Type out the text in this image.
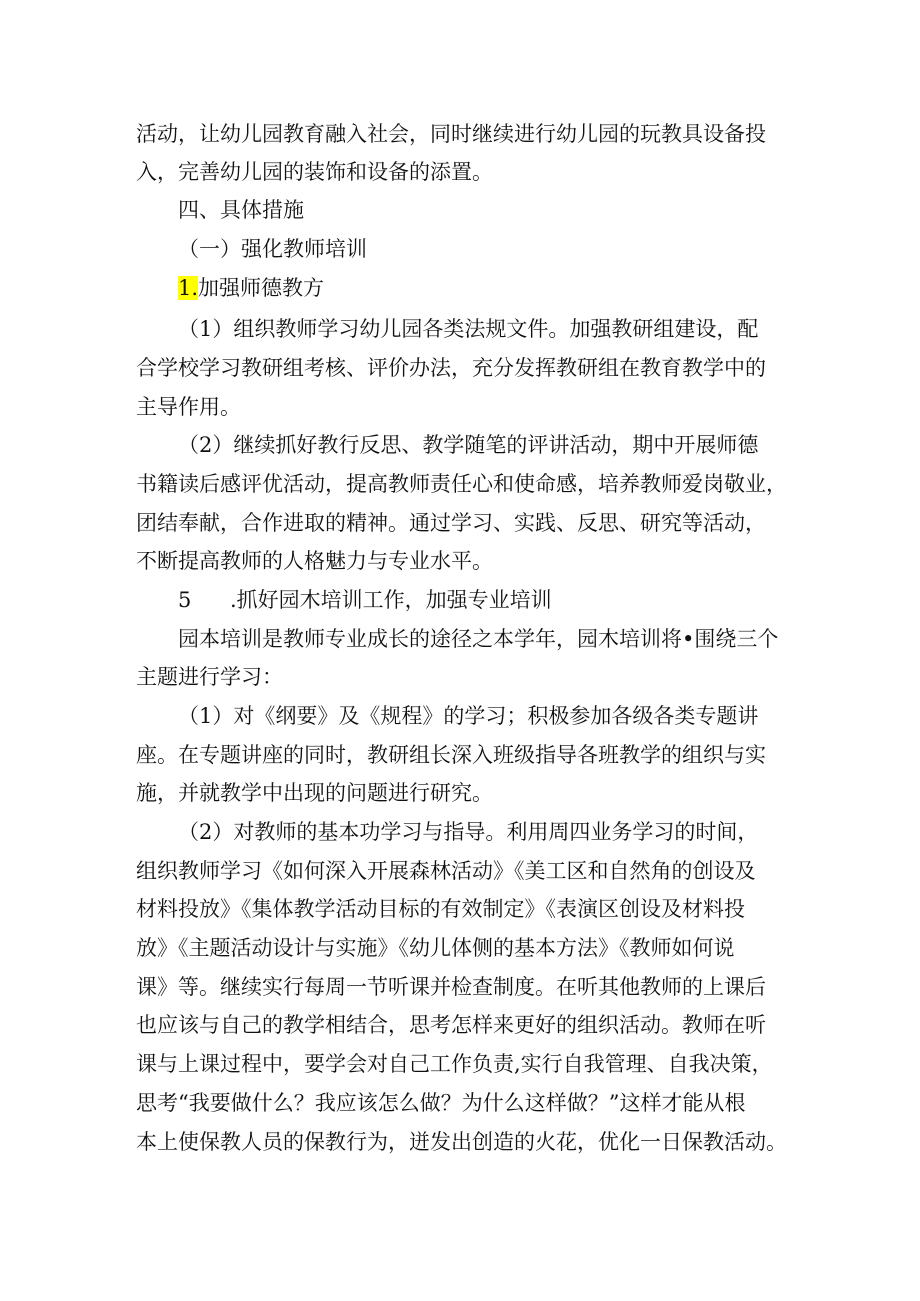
活动，让幼儿园教育融入社会，同时继续进行幼儿园的玩教具设备投
入，完善幼儿园的装饰和设备的添置。
四、具体措施
（一）强化教师培训
1.加强师德教方
（1）组织教师学习幼儿园各类法规文件。加强教研组建设，配
合学校学习教研组考核、评价办法，充分发挥教研组在教育教学中的
主导作用。
（2）继续抓好教行反思、教学随笔的评讲活动，期中开展师德
书籍读后感评优活动，提高教师责任心和使命感，培养教师爱岗敬业，
团结奉献，合作进取的精神。通过学习、实践、反思、研究等活动，
不断提高教师的人格魅力与专业水平。
5 .抓好园木培训工作，加强专业培训
园本培训是教师专业成长的途径之本学年，园木培训将•围绕三个
主题进行学习：
（1）对《纲要》及《规程》的学习；积极参加各级各类专题讲
座。在专题讲座的同时，教研组长深入班级指导各班教学的组织与实
施，并就教学中出现的问题进行研究。
（2）对教师的基本功学习与指导。利用周四业务学习的时间，
组织教师学习《如何深入开展森林活动》《美工区和自然角的创设及
材料投放》《集体教学活动目标的有效制定》《表演区创设及材料投
放》《主题活动设计与实施》《幼儿体侧的基本方法》《教师如何说
课》等。继续实行每周一节听课并检查制度。在听其他教师的上课后
也应该与自己的教学相结合，思考怎样来更好的组织活动。教师在听
课与上课过程中，要学会对自己工作负责,实行自我管理、自我决策，
思考“我要做什么？我应该怎么做？为什么这样做？”这样才能从根
本上使保教人员的保教行为，迸发出创造的火花，优化一日保教活动。
